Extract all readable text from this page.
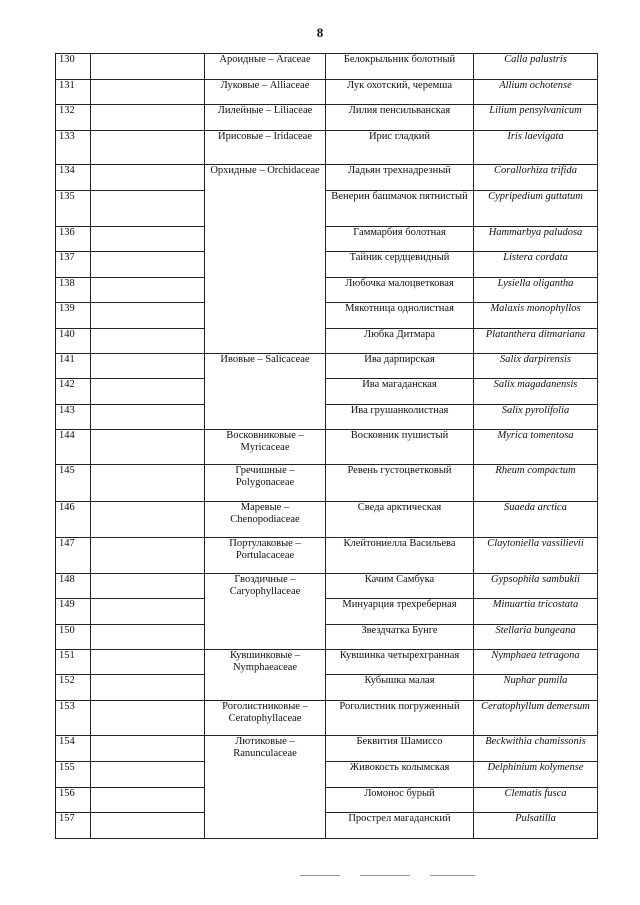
8
130		Ароидные – Araceae	Белокрыльник болотный	Calla palustris
131		Луковые – Alliaceae	Лук охотский, черемша	Allium ochotense
132		Лилейные – Liliaceae	Лилия пенсильванская	Lilium pensylvanicum
133		Ирисовые – Iridaceae	Ирис гладкий	Iris laevigata
134		Орхидные – Orchidaceae	Ладьян трехнадрезный	Corallorhiza trifida
135			Венерин башмачок пятнистый	Cypripedium guttatum
136			Гаммарбия болотная	Hammarbya paludosa
137			Тайник сердцевидный	Listera cordata
138			Любочка малоцветковая	Lysiella oligantha
139			Мякотница однолистная	Malaxis monophyllos
140			Любка Дитмара	Platanthera ditmariana
141		Ивовые – Salicaceae	Ива дарпирская	Salix darpirensis
142			Ива магаданская	Salix magadanensis
143			Ива грушанколистная	Salix pyrolifolia
144		Восковниковые – Myricaceae	Восковник пушистый	Myrica tomentosa
145		Гречишные – Polygonaceae	Ревень густоцветковый	Rheum compactum
146		Маревые – Chenopodiaceae	Сведа арктическая	Suaeda arctica
147		Портулаковые – Portulacaceae	Клейтониелла Васильева	Claytoniella vassilievii
148		Гвоздичные – Caryophyllaceae	Качим Самбука	Gypsophila sambukii
149			Минуарция трехреберная	Minuartia tricostata
150			Звездчатка Бунге	Stellaria bungeana
151		Кувшинковые – Nymphaeaceae	Кувшинка четырехгранная	Nymphaea tetragona
152			Кубышка малая	Nuphar pumila
153		Роголистниковые – Ceratophyllaceae	Роголистник погруженный	Ceratophyllum demersum
154		Лютиковые – Ranunculaceae	Беквития Шамиссо	Beckwithia chamissonis
155			Живокость колымская	Delphinium kolymense
156			Ломонос бурый	Clematis fusca
157			Прострел магаданский	Pulsatilla
